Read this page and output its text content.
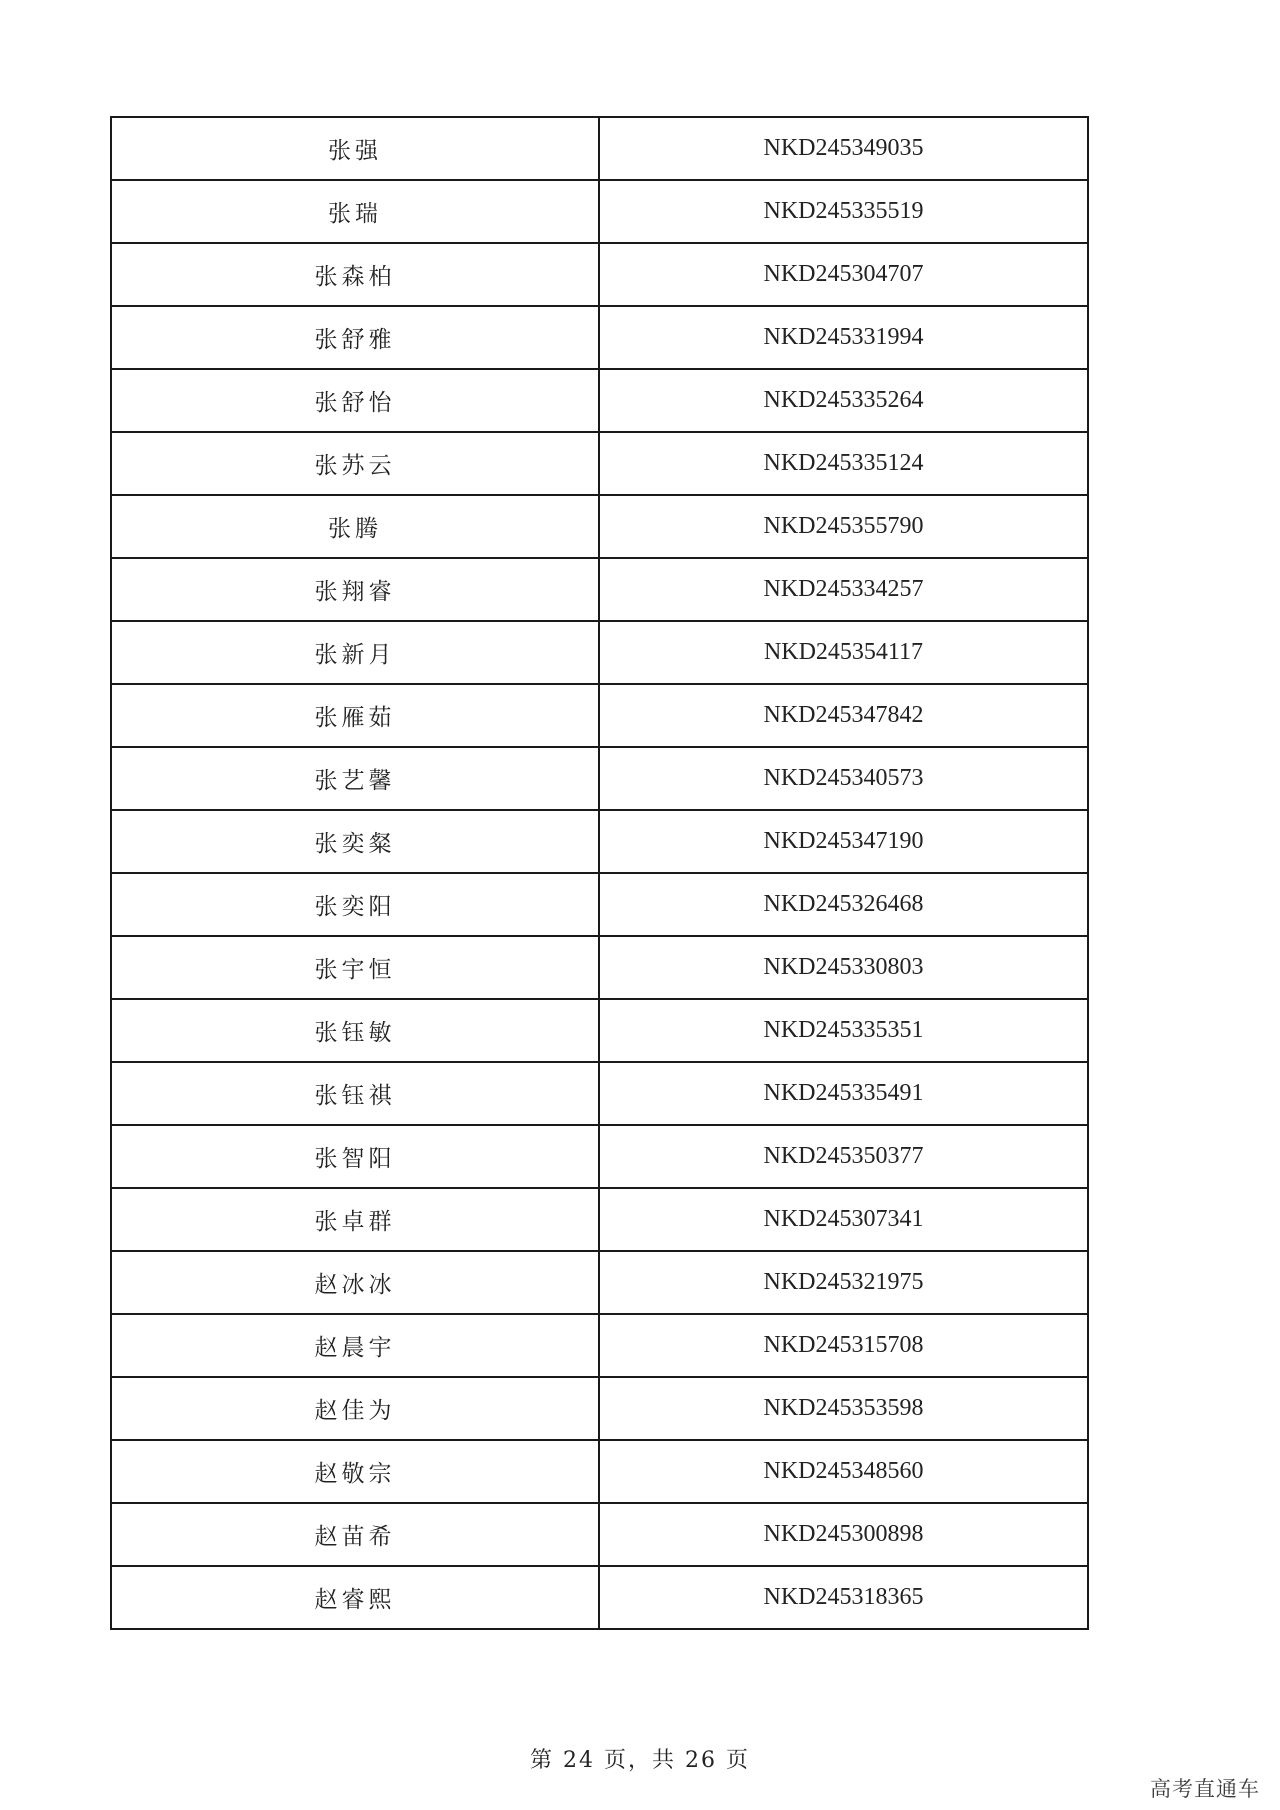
张强	NKD245349035
张瑞	NKD245335519
张森柏	NKD245304707
张舒雅	NKD245331994
张舒怡	NKD245335264
张苏云	NKD245335124
张腾	NKD245355790
张翔睿	NKD245334257
张新月	NKD245354117
张雁茹	NKD245347842
张艺馨	NKD245340573
张奕粲	NKD245347190
张奕阳	NKD245326468
张宇恒	NKD245330803
张钰敏	NKD245335351
张钰祺	NKD245335491
张智阳	NKD245350377
张卓群	NKD245307341
赵冰冰	NKD245321975
赵晨宇	NKD245315708
赵佳为	NKD245353598
赵敬宗	NKD245348560
赵苗希	NKD245300898
赵睿熙	NKD245318365
第 24 页，共 26 页
高考直通车
